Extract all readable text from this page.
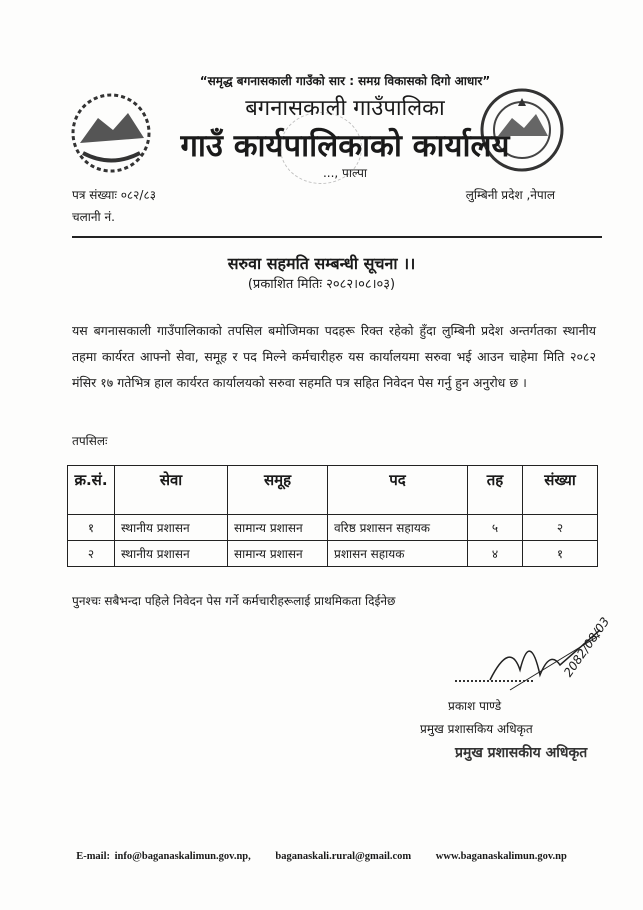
“समृद्ध बगनासकाली गाउँको सार : समग्र विकासको दिगो आधार”
बगनासकाली गाउँपालिका
गाउँ कार्यपालिकाको कार्यालय
..., पाल्पा
पत्र संख्याः ०८२/८३
चलानी नं.
लुम्बिनी प्रदेश ,नेपाल
सरुवा सहमति सम्बन्धी सूचना ।।
(प्रकाशित मितिः २०८२।०८।०३)
यस बगनासकाली गाउँपालिकाको तपसिल बमोजिमका पदहरू रिक्त रहेको हुँदा लुम्बिनी प्रदेश अन्तर्गतका स्थानीय तहमा कार्यरत आफ्नो सेवा, समूह र पद मिल्ने कर्मचारीहरु यस कार्यालयमा सरुवा भई आउन चाहेमा मिति २०८२ मंसिर १७ गतेभित्र हाल कार्यरत कार्यालयको सरुवा सहमति पत्र सहित निवेदन पेस गर्नु हुन अनुरोध छ ।
तपसिलः
क्र.सं.	सेवा	समूह	पद	तह	संख्या
१	स्थानीय प्रशासन	सामान्य प्रशासन	वरिष्ठ प्रशासन सहायक	५	२
२	स्थानीय प्रशासन	सामान्य प्रशासन	प्रशासन सहायक	४	१
पुनश्चः सबैभन्दा पहिले निवेदन पेस गर्ने कर्मचारीहरूलाई प्राथमिकता दिईनेछ
2082/08/03
प्रकाश पाण्डे
प्रमुख प्रशासकिय अधिकृत
प्रमुख प्रशासकीय अधिकृत
E-mail: info@baganaskalimun.gov.np, baganaskali.rural@gmail.com www.baganaskalimun.gov.np
